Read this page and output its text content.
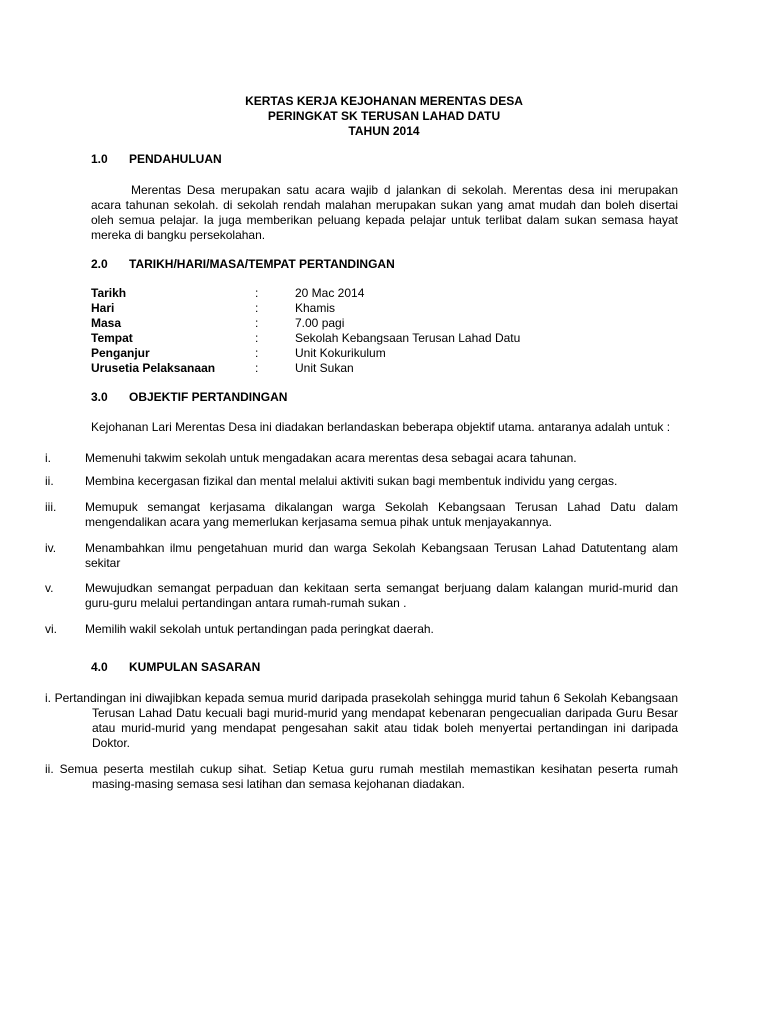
KERTAS KERJA KEJOHANAN MERENTAS DESA
PERINGKAT SK TERUSAN LAHAD DATU
TAHUN 2014
1.0 PENDAHULUAN
Merentas Desa merupakan satu acara wajib d jalankan di sekolah. Merentas desa ini merupakan acara tahunan sekolah. di sekolah rendah malahan merupakan sukan yang amat mudah dan boleh disertai oleh semua pelajar. Ia juga memberikan peluang kepada pelajar untuk terlibat dalam sukan semasa hayat mereka di bangku persekolahan.
2.0 TARIKH/HARI/MASA/TEMPAT PERTANDINGAN
Tarikh	:	20 Mac 2014
Hari	:	Khamis
Masa	:	7.00 pagi
Tempat	:	Sekolah Kebangsaan Terusan Lahad Datu
Penganjur	:	Unit Kokurikulum
Urusetia Pelaksanaan	:	Unit Sukan
3.0 OBJEKTIF PERTANDINGAN
Kejohanan Lari Merentas Desa ini diadakan berlandaskan beberapa objektif utama. antaranya adalah untuk :
i.	Memenuhi takwim sekolah untuk mengadakan acara merentas desa sebagai acara tahunan.
ii.	Membina kecergasan fizikal dan mental melalui aktiviti sukan bagi membentuk individu yang cergas.
iii. Memupuk semangat kerjasama dikalangan warga Sekolah Kebangsaan Terusan Lahad Datu dalam mengendalikan acara yang memerlukan kerjasama semua pihak untuk menjayakannya.
iv. Menambahkan ilmu pengetahuan murid dan warga Sekolah Kebangsaan Terusan Lahad Datutentang alam sekitar
v.	Mewujudkan semangat perpaduan dan kekitaan serta semangat berjuang dalam kalangan murid-murid dan guru-guru melalui pertandingan antara rumah-rumah sukan .
vi. Memilih wakil sekolah untuk pertandingan pada peringkat daerah.
4.0 KUMPULAN SASARAN
i. Pertandingan ini diwajibkan kepada semua murid daripada prasekolah sehingga murid tahun 6 Sekolah Kebangsaan Terusan Lahad Datu kecuali bagi murid-murid yang mendapat kebenaran pengecualian daripada Guru Besar atau murid-murid yang mendapat pengesahan sakit atau tidak boleh menyertai pertandingan ini daripada Doktor.
ii. Semua peserta mestilah cukup sihat. Setiap Ketua guru rumah mestilah memastikan kesihatan peserta rumah masing-masing semasa sesi latihan dan semasa kejohanan diadakan.
